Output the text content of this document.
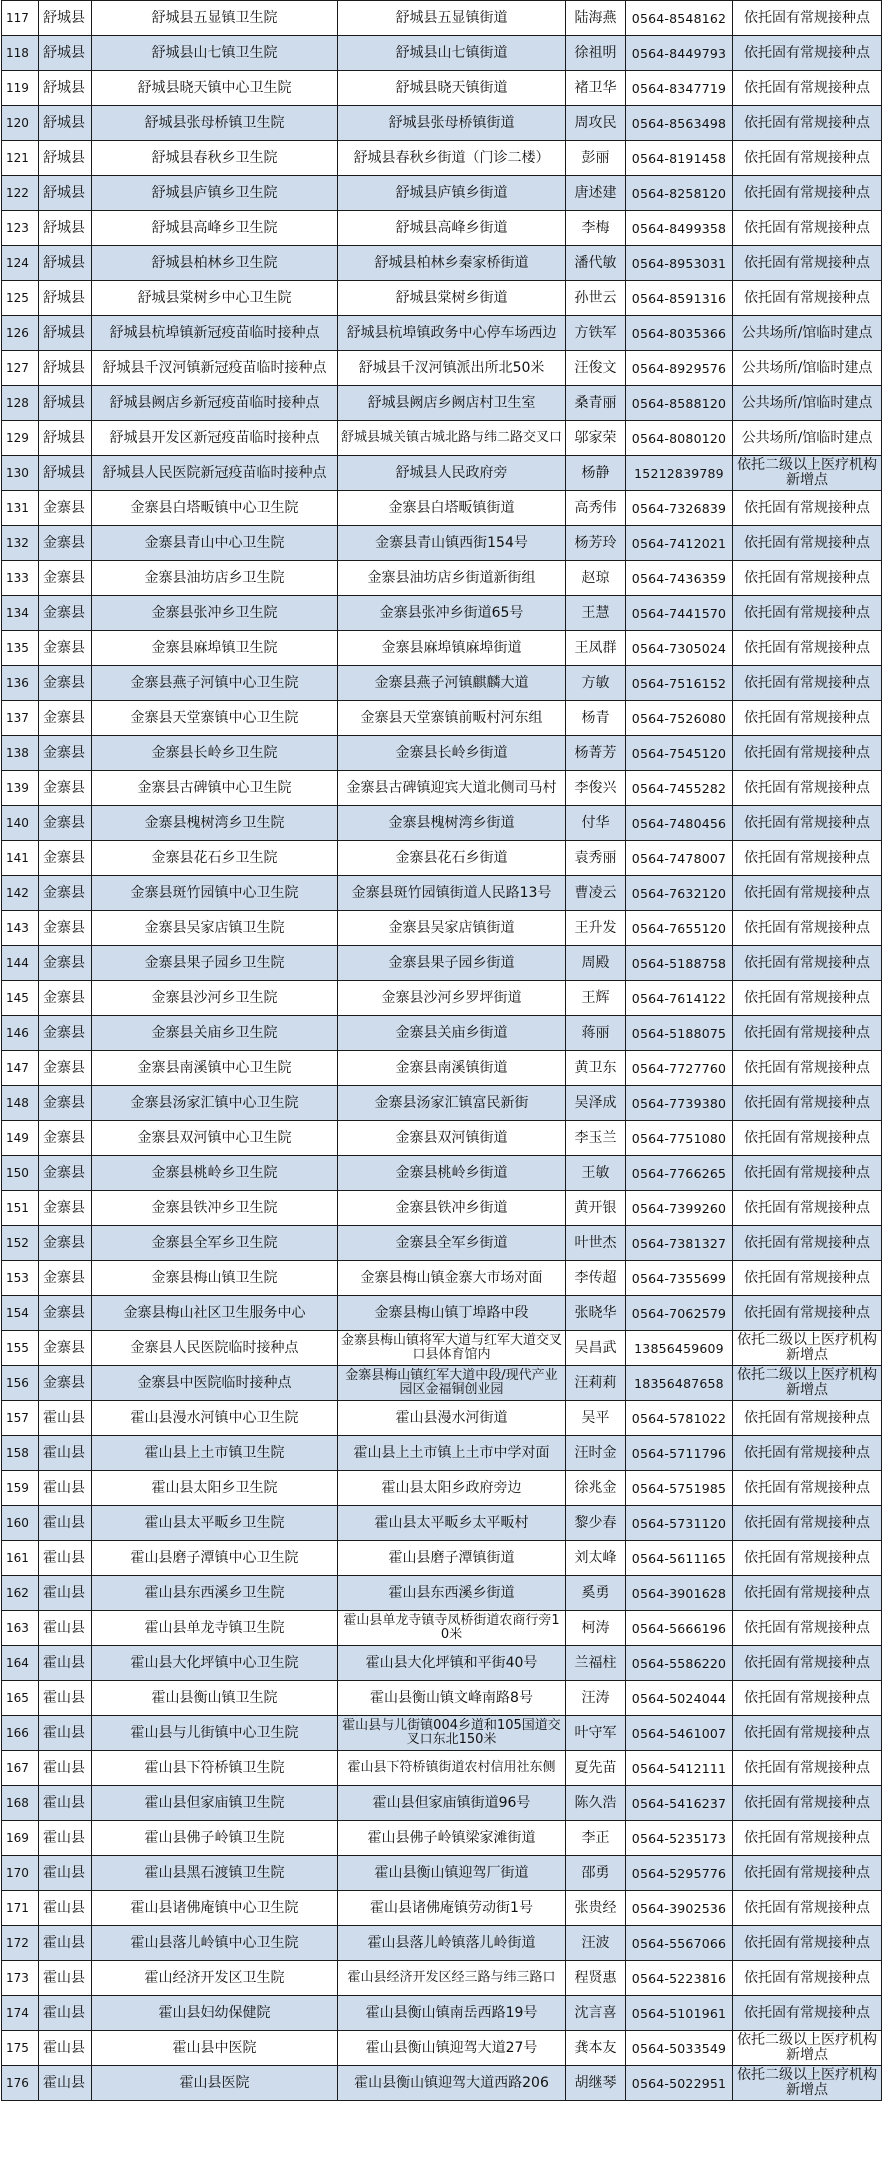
117	舒城县	舒城县五显镇卫生院	舒城县五显镇街道	陆海燕	0564-8548162	依托固有常规接种点
118	舒城县	舒城县山七镇卫生院	舒城县山七镇街道	徐祖明	0564-8449793	依托固有常规接种点
119	舒城县	舒城县晓天镇中心卫生院	舒城县晓天镇街道	褚卫华	0564-8347719	依托固有常规接种点
120	舒城县	舒城县张母桥镇卫生院	舒城县张母桥镇街道	周攻民	0564-8563498	依托固有常规接种点
121	舒城县	舒城县春秋乡卫生院	舒城县春秋乡街道（门诊二楼）	彭丽	0564-8191458	依托固有常规接种点
122	舒城县	舒城县庐镇乡卫生院	舒城县庐镇乡街道	唐述建	0564-8258120	依托固有常规接种点
123	舒城县	舒城县高峰乡卫生院	舒城县高峰乡街道	李梅	0564-8499358	依托固有常规接种点
124	舒城县	舒城县柏林乡卫生院	舒城县柏林乡秦家桥街道	潘代敏	0564-8953031	依托固有常规接种点
125	舒城县	舒城县棠树乡中心卫生院	舒城县棠树乡街道	孙世云	0564-8591316	依托固有常规接种点
126	舒城县	舒城县杭埠镇新冠疫苗临时接种点	舒城县杭埠镇政务中心停车场西边	方铁军	0564-8035366	公共场所/馆临时建点
127	舒城县	舒城县千汊河镇新冠疫苗临时接种点	舒城县千汊河镇派出所北50米	汪俊文	0564-8929576	公共场所/馆临时建点
128	舒城县	舒城县阙店乡新冠疫苗临时接种点	舒城县阙店乡阙店村卫生室	桑青丽	0564-8588120	公共场所/馆临时建点
129	舒城县	舒城县开发区新冠疫苗临时接种点	舒城县城关镇古城北路与纬二路交叉口	邬家荣	0564-8080120	公共场所/馆临时建点
130	舒城县	舒城县人民医院新冠疫苗临时接种点	舒城县人民政府旁	杨静	15212839789	依托二级以上医疗机构新增点
131	金寨县	金寨县白塔畈镇中心卫生院	金寨县白塔畈镇街道	高秀伟	0564-7326839	依托固有常规接种点
132	金寨县	金寨县青山中心卫生院	金寨县青山镇西街154号	杨芳玲	0564-7412021	依托固有常规接种点
133	金寨县	金寨县油坊店乡卫生院	金寨县油坊店乡街道新街组	赵琼	0564-7436359	依托固有常规接种点
134	金寨县	金寨县张冲乡卫生院	金寨县张冲乡街道65号	王慧	0564-7441570	依托固有常规接种点
135	金寨县	金寨县麻埠镇卫生院	金寨县麻埠镇麻埠街道	王凤群	0564-7305024	依托固有常规接种点
136	金寨县	金寨县燕子河镇中心卫生院	金寨县燕子河镇麒麟大道	方敏	0564-7516152	依托固有常规接种点
137	金寨县	金寨县天堂寨镇中心卫生院	金寨县天堂寨镇前畈村河东组	杨青	0564-7526080	依托固有常规接种点
138	金寨县	金寨县长岭乡卫生院	金寨县长岭乡街道	杨菁芳	0564-7545120	依托固有常规接种点
139	金寨县	金寨县古碑镇中心卫生院	金寨县古碑镇迎宾大道北侧司马村	李俊兴	0564-7455282	依托固有常规接种点
140	金寨县	金寨县槐树湾乡卫生院	金寨县槐树湾乡街道	付华	0564-7480456	依托固有常规接种点
141	金寨县	金寨县花石乡卫生院	金寨县花石乡街道	袁秀丽	0564-7478007	依托固有常规接种点
142	金寨县	金寨县斑竹园镇中心卫生院	金寨县斑竹园镇街道人民路13号	曹凌云	0564-7632120	依托固有常规接种点
143	金寨县	金寨县吴家店镇卫生院	金寨县吴家店镇街道	王升发	0564-7655120	依托固有常规接种点
144	金寨县	金寨县果子园乡卫生院	金寨县果子园乡街道	周殿	0564-5188758	依托固有常规接种点
145	金寨县	金寨县沙河乡卫生院	金寨县沙河乡罗坪街道	王辉	0564-7614122	依托固有常规接种点
146	金寨县	金寨县关庙乡卫生院	金寨县关庙乡街道	蒋丽	0564-5188075	依托固有常规接种点
147	金寨县	金寨县南溪镇中心卫生院	金寨县南溪镇街道	黄卫东	0564-7727760	依托固有常规接种点
148	金寨县	金寨县汤家汇镇中心卫生院	金寨县汤家汇镇富民新街	吴泽成	0564-7739380	依托固有常规接种点
149	金寨县	金寨县双河镇中心卫生院	金寨县双河镇街道	李玉兰	0564-7751080	依托固有常规接种点
150	金寨县	金寨县桃岭乡卫生院	金寨县桃岭乡街道	王敏	0564-7766265	依托固有常规接种点
151	金寨县	金寨县铁冲乡卫生院	金寨县铁冲乡街道	黄开银	0564-7399260	依托固有常规接种点
152	金寨县	金寨县全军乡卫生院	金寨县全军乡街道	叶世杰	0564-7381327	依托固有常规接种点
153	金寨县	金寨县梅山镇卫生院	金寨县梅山镇金寨大市场对面	李传超	0564-7355699	依托固有常规接种点
154	金寨县	金寨县梅山社区卫生服务中心	金寨县梅山镇丁埠路中段	张晓华	0564-7062579	依托固有常规接种点
155	金寨县	金寨县人民医院临时接种点	金寨县梅山镇将军大道与红军大道交叉口县体育馆内	吴昌武	13856459609	依托二级以上医疗机构新增点
156	金寨县	金寨县中医院临时接种点	金寨县梅山镇红军大道中段/现代产业园区金福铜创业园	汪莉莉	18356487658	依托二级以上医疗机构新增点
157	霍山县	霍山县漫水河镇中心卫生院	霍山县漫水河街道	吴平	0564-5781022	依托固有常规接种点
158	霍山县	霍山县上土市镇卫生院	霍山县上土市镇上土市中学对面	汪时金	0564-5711796	依托固有常规接种点
159	霍山县	霍山县太阳乡卫生院	霍山县太阳乡政府旁边	徐兆金	0564-5751985	依托固有常规接种点
160	霍山县	霍山县太平畈乡卫生院	霍山县太平畈乡太平畈村	黎少春	0564-5731120	依托固有常规接种点
161	霍山县	霍山县磨子潭镇中心卫生院	霍山县磨子潭镇街道	刘太峰	0564-5611165	依托固有常规接种点
162	霍山县	霍山县东西溪乡卫生院	霍山县东西溪乡街道	奚勇	0564-3901628	依托固有常规接种点
163	霍山县	霍山县单龙寺镇卫生院	霍山县单龙寺镇寺凤桥街道农商行旁10米	柯涛	0564-5666196	依托固有常规接种点
164	霍山县	霍山县大化坪镇中心卫生院	霍山县大化坪镇和平街40号	兰福柱	0564-5586220	依托固有常规接种点
165	霍山县	霍山县衡山镇卫生院	霍山县衡山镇文峰南路8号	汪涛	0564-5024044	依托固有常规接种点
166	霍山县	霍山县与儿街镇中心卫生院	霍山县与儿街镇004乡道和105国道交叉口东北150米	叶守军	0564-5461007	依托固有常规接种点
167	霍山县	霍山县下符桥镇卫生院	霍山县下符桥镇街道农村信用社东侧	夏先苗	0564-5412111	依托固有常规接种点
168	霍山县	霍山县但家庙镇卫生院	霍山县但家庙镇街道96号	陈久浩	0564-5416237	依托固有常规接种点
169	霍山县	霍山县佛子岭镇卫生院	霍山县佛子岭镇梁家滩街道	李正	0564-5235173	依托固有常规接种点
170	霍山县	霍山县黑石渡镇卫生院	霍山县衡山镇迎驾厂街道	邵勇	0564-5295776	依托固有常规接种点
171	霍山县	霍山县诸佛庵镇中心卫生院	霍山县诸佛庵镇劳动街1号	张贵经	0564-3902536	依托固有常规接种点
172	霍山县	霍山县落儿岭镇中心卫生院	霍山县落儿岭镇落儿岭街道	汪波	0564-5567066	依托固有常规接种点
173	霍山县	霍山经济开发区卫生院	霍山县经济开发区经三路与纬三路口	程贤惠	0564-5223816	依托固有常规接种点
174	霍山县	霍山县妇幼保健院	霍山县衡山镇南岳西路19号	沈言喜	0564-5101961	依托固有常规接种点
175	霍山县	霍山县中医院	霍山县衡山镇迎驾大道27号	龚本友	0564-5033549	依托二级以上医疗机构新增点
176	霍山县	霍山县医院	霍山县衡山镇迎驾大道西路206	胡继琴	0564-5022951	依托二级以上医疗机构新增点
